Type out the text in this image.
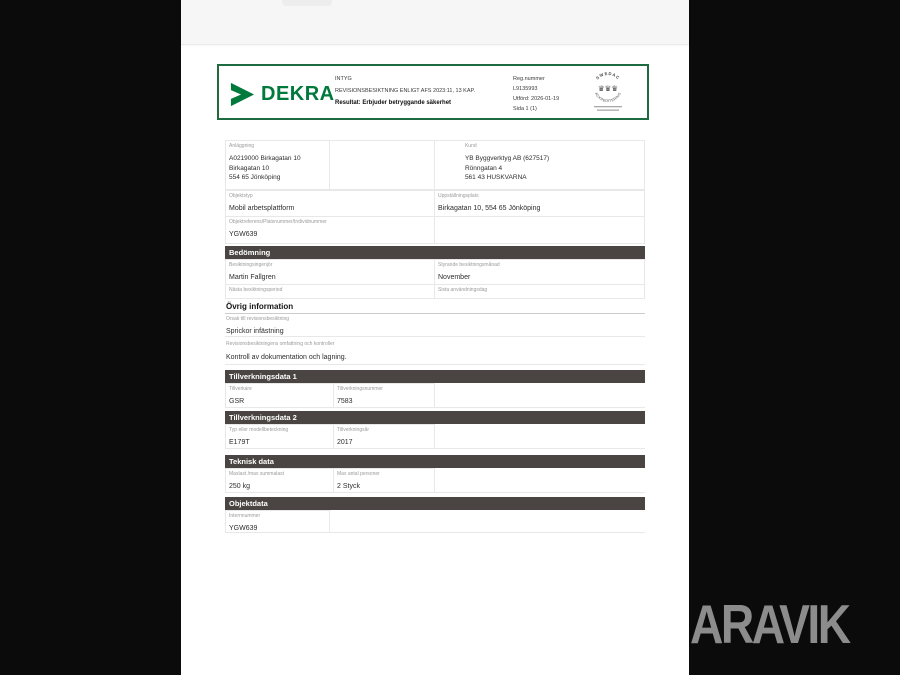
DEKRA
INTYG
REVISIONSBESIKTNING ENLIGT AFS 2023:11, 13 KAP.
Resultat: Erbjuder betryggande säkerhet
Reg.nummer
L9135993
Utförd: 2026-01-19
Sida 1 (1)
SWEDAC
ACKREDITERING
♛♛♛
Anläggning
A0219000 Birkagatan 10
Birkagatan 10
554 65 Jönköping
Kund
YB Byggverktyg AB (627517)
Rönngatan 4
561 43 HUSKVARNA
Objektstyp
Mobil arbetsplattform
Uppställningsplats
Birkagatan 10, 554 65 Jönköping
Objektreferens/Platsnummer/Individnummer
YGW639
Bedömning
Besiktningsingenjör
Martin Fallgren
Styrande besiktningsmånad
November
Nästa besiktningsperiod	Sista användningsdag
Övrig information
Orsak till revisionsbesiktning
Sprickor infästning
Revisionsbesiktningens omfattning och kontroller
Kontroll av dokumentation och lagning.
Tillverkningsdata 1
Tillverkare
GSR
Tillverkningsnummer
7583
Tillverkningsdata 2
Typ eller modellbeteckning
E179T
Tillverkningsår
2017
Teknisk data
Maxlast /max summalast
250 kg
Max antal personer
2 Styck
Objektdata
Internnummer
YGW639
ARAVIK
